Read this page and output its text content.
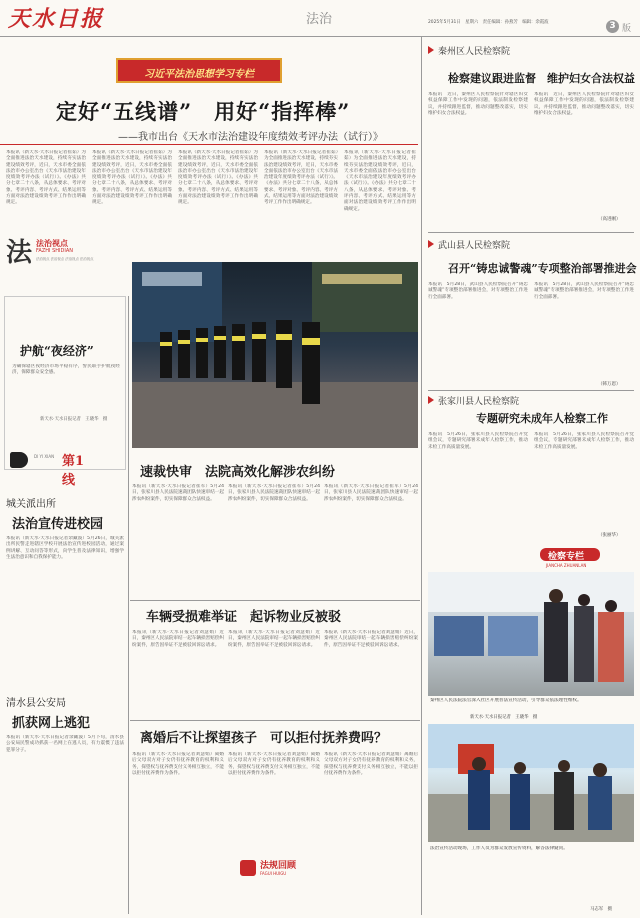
天水日报	法治	2025年5月31日　星期六　责任编辑：孙燕芳　编辑：余霞波	3 版
习近平法治思想学习专栏
定好“五线谱”　用好“指挥棒”
——我市出台《天水市法治建设年度绩效考评办法（试行）》
本报讯（新天水·天水日报记者崔茹）为全面推进法治天水建设，持续夯实法治建设绩效考评，近日，天水市委全面依法治市办公室出台《天水市法治建设年度绩效考评办法（试行）》。《办法》共分七章二十八条，从总体要求、考评对象、考评内容、考评方式、结果运用等方面对法治建设绩效考评工作作出明确规定。
本报讯（新天水·天水日报记者崔茹）为全面推进法治天水建设，持续夯实法治建设绩效考评，近日，天水市委全面依法治市办公室出台《天水市法治建设年度绩效考评办法（试行）》。《办法》共分七章二十八条，从总体要求、考评对象、考评内容、考评方式、结果运用等方面对法治建设绩效考评工作作出明确规定。
本报讯（新天水·天水日报记者崔茹）为全面推进法治天水建设，持续夯实法治建设绩效考评，近日，天水市委全面依法治市办公室出台《天水市法治建设年度绩效考评办法（试行）》。《办法》共分七章二十八条，从总体要求、考评对象、考评内容、考评方式、结果运用等方面对法治建设绩效考评工作作出明确规定。
本报讯（新天水·天水日报记者崔茹）为全面推进法治天水建设，持续夯实法治建设绩效考评，近日，天水市委全面依法治市办公室出台《天水市法治建设年度绩效考评办法（试行）》。《办法》共分七章二十八条，从总体要求、考评对象、考评内容、考评方式、结果运用等方面对法治建设绩效考评工作作出明确规定。
本报讯（新天水·天水日报记者崔茹）为全面推进法治天水建设，持续夯实法治建设绩效考评，近日，天水市委全面依法治市办公室出台《天水市法治建设年度绩效考评办法（试行）》。《办法》共分七章二十八条，从总体要求、考评对象、考评内容、考评方式、结果运用等方面对法治建设绩效考评工作作出明确规定。
法 法治视点
FAZHI SHIDIAN
法治视点 法治视点 法治视点 法治视点
护航“夜经济”
为确保辖区夜经济市场平稳有序，警民联手护航夜经济，保障群众安全感。
新天水·天水日报记者　王晓华　摄
DI YI XIAN 第1线
城关派出所
法治宣传进校园
本报讯（新天水·天水日报记者余藏波）5月26日，城关派出所民警走进辖区学校开展法治宣传进校园活动，通过案例讲解、互动问答等形式，向学生普及法律知识，增强学生法治意识和自我保护能力。
清水县公安局
抓获网上逃犯
本报讯（新天水·天水日报记者余藏波）5月下旬，清水县公安局民警成功抓获一名网上在逃人员，有力震慑了违法犯罪分子。
速裁快审　法院高效化解涉农纠纷
本报讯（新天水·天水日报记者崔军）5月24日，张家川县人民法院速裁团队快速审结一起涉农纠纷案件，切实保障群众合法权益。
本报讯（新天水·天水日报记者崔军）5月24日，张家川县人民法院速裁团队快速审结一起涉农纠纷案件，切实保障群众合法权益。
本报讯（新天水·天水日报记者崔军）5月24日，张家川县人民法院速裁团队快速审结一起涉农纠纷案件，切实保障群众合法权益。
车辆受损难举证　起诉物业反被驳
本报讯（新天水·天水日报记者刘慧娟）近日，秦州区人民法院审结一起车辆损害赔偿纠纷案件，原告因举证不足被驳回诉讼请求。
本报讯（新天水·天水日报记者刘慧娟）近日，秦州区人民法院审结一起车辆损害赔偿纠纷案件，原告因举证不足被驳回诉讼请求。
本报讯（新天水·天水日报记者刘慧娟）近日，秦州区人民法院审结一起车辆损害赔偿纠纷案件，原告因举证不足被驳回诉讼请求。
离婚后不让探望孩子　可以拒付抚养费吗？
本报讯（新天水·天水日报记者刘慧娟）离婚后父母双方对子女仍有抚养教育的权利和义务，探望权与抚养费支付义务相互独立，不能以拒付抚养费作为条件。
本报讯（新天水·天水日报记者刘慧娟）离婚后父母双方对子女仍有抚养教育的权利和义务，探望权与抚养费支付义务相互独立，不能以拒付抚养费作为条件。
本报讯（新天水·天水日报记者刘慧娟）离婚后父母双方对子女仍有抚养教育的权利和义务，探望权与抚养费支付义务相互独立，不能以拒付抚养费作为条件。
法规回顾
FAGUI HUIGU
秦州区人民检察院
检察建议跟进监督　维护妇女合法权益
本报讯　近日，秦州区人民检察院针对辖区妇女权益保障工作中发现的问题，依法制发检察建议，并持续跟进监督，推动问题整改落实，切实维护妇女合法权益。
本报讯　近日，秦州区人民检察院针对辖区妇女权益保障工作中发现的问题，依法制发检察建议，并持续跟进监督，推动问题整改落实，切实维护妇女合法权益。
（高进刚）
武山县人民检察院
召开“铸忠诚警魂”专项整治部署推进会
本报讯　5月28日，武山县人民检察院召开“铸忠诚警魂”专项整治部署推进会，对专项整治工作进行全面部署。
本报讯　5月28日，武山县人民检察院召开“铸忠诚警魂”专项整治部署推进会，对专项整治工作进行全面部署。
（韩万恩）
张家川县人民检察院
专题研究未成年人检察工作
本报讯　5月26日，张家川县人民检察院召开党组会议，专题研究部署未成年人检察工作，推动未检工作高质量发展。
本报讯　5月26日，张家川县人民检察院召开党组会议，专题研究部署未成年人检察工作，推动未检工作高质量发展。
（张丽华）
检察专栏
JIANCHA ZHUANLAN
秦州区人民法院法官深入社区开展普法宣传活动，引导群众依法理性维权。
新天水·天水日报记者　王晓华　摄
法治宣传活动现场，工作人员为群众发放宣传资料，解答法律疑问。
马志军　摄
